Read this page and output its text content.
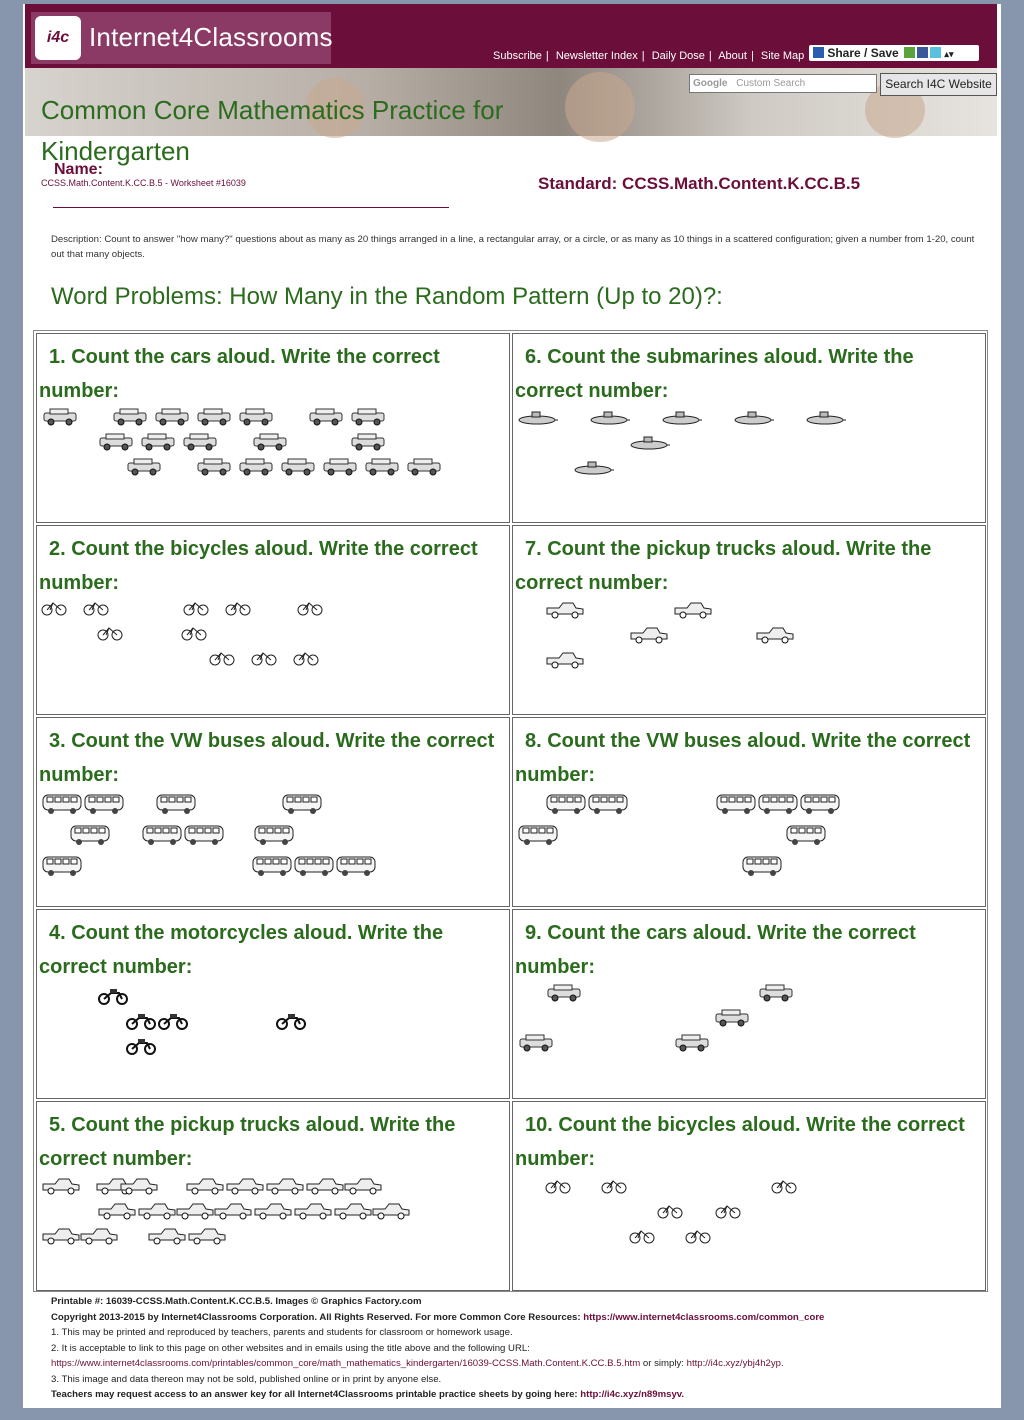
i4c Internet4Classrooms
Subscribe | Newsletter Index | Daily Dose | About | Site Map	Share / Save	▴▾
Google Custom Search	Search I4C Website
Common Core Mathematics Practice for Kindergarten
Name:
CCSS.Math.Content.K.CC.B.5 - Worksheet #16039	Standard: CCSS.Math.Content.K.CC.B.5
Description: Count to answer "how many?" questions about as many as 20 things arranged in a line, a rectangular array, or a circle, or as many as 10 things in a scattered configuration; given a number from 1-20, count out that many objects.
Word Problems: How Many in the Random Pattern (Up to 20)?:
1. Count the cars aloud. Write the correct number:
6. Count the submarines aloud. Write the correct number:
2. Count the bicycles aloud. Write the correct number:
7. Count the pickup trucks aloud. Write the correct number:
3. Count the VW buses aloud. Write the correct number:
8. Count the VW buses aloud. Write the correct number:
4. Count the motorcycles aloud. Write the correct number:
9. Count the cars aloud. Write the correct number:
5. Count the pickup trucks aloud. Write the correct number:
10. Count the bicycles aloud. Write the correct number:
Printable #: 16039-CCSS.Math.Content.K.CC.B.5. Images © Graphics Factory.com
Copyright 2013-2015 by Internet4Classrooms Corporation. All Rights Reserved. For more Common Core Resources: https://www.internet4classrooms.com/common_core
1. This may be printed and reproduced by teachers, parents and students for classroom or homework usage.
2. It is acceptable to link to this page on other websites and in emails using the title above and the following URL:
https://www.internet4classrooms.com/printables/common_core/math_mathematics_kindergarten/16039-CCSS.Math.Content.K.CC.B.5.htm or simply: http://i4c.xyz/ybj4h2yp.
3. This image and data thereon may not be sold, published online or in print by anyone else.
Teachers may request access to an answer key for all Internet4Classrooms printable practice sheets by going here: http://i4c.xyz/n89msyv.
